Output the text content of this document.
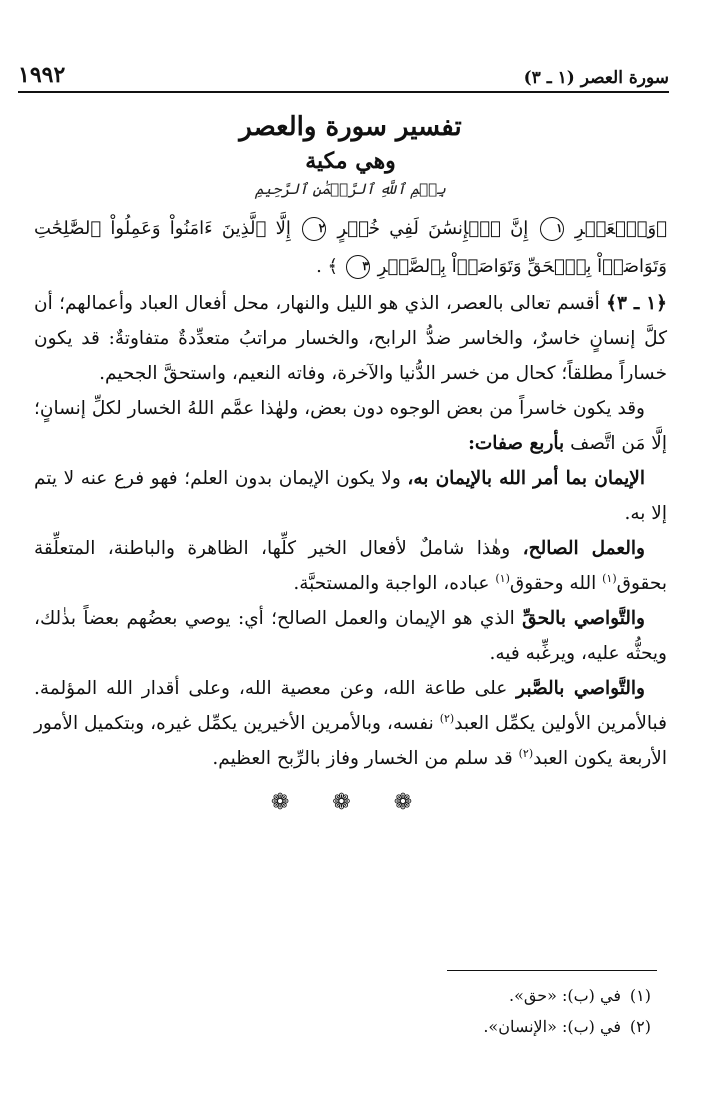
١٩٩٢	سورة العصر (١ ـ ٣)
تفسير سورة والعصر
وهي مكية
بِسۡمِ ٱللَّهِ ٱلرَّحۡمَٰنِ ٱلرَّحِيمِ

﴿وَٱلۡعَصۡرِ ١ إِنَّ ٱلۡإِنسَٰنَ لَفِي خُسۡرٍ ٢ إِلَّا ٱلَّذِينَ ءَامَنُواْ وَعَمِلُواْ ٱلصَّٰلِحَٰتِ وَتَوَاصَوۡاْ بِٱلۡحَقِّ وَتَوَاصَوۡاْ بِٱلصَّبۡرِ ٣ ﴾ .

﴿١ ـ ٣﴾ أقسم تعالى بالعصر، الذي هو الليل والنهار، محل أفعال العباد وأعمالهم؛ أن كلَّ إنسانٍ خاسرٌ، والخاسر ضدُّ الرابح، والخسار مراتبُ متعدِّدةٌ متفاوتةٌ: قد يكون خساراً مطلقاً؛ كحال من خسر الدُّنيا والآخرة، وفاته النعيم، واستحقَّ الجحيم.

وقد يكون خاسراً من بعض الوجوه دون بعض، ولهٰذا عمَّم اللهُ الخسار لكلِّ إنسانٍ؛ إلَّا مَن اتَّصف بأربع صفات:

الإيمان بما أمر الله بالإيمان به، ولا يكون الإيمان بدون العلم؛ فهو فرع عنه لا يتم إلا به.

والعمل الصالح، وهٰذا شاملٌ لأفعال الخير كلِّها، الظاهرة والباطنة، المتعلِّقة بحقوق$^{(١)}$ الله وحقوق$^{(١)}$ عباده، الواجبة والمستحبَّة.

والتَّواصي بالحقِّ الذي هو الإيمان والعمل الصالح؛ أي: يوصي بعضُهم بعضاً بذٰلك، ويحثُّه عليه، ويرغِّبه فيه.

والتَّواصي بالصَّبر على طاعة الله، وعن معصية الله، وعلى أقدار الله المؤلمة. فبالأمرين الأولين يكمِّل العبد$^{(٢)}$ نفسه، وبالأمرين الأخيرين يكمِّل غيره، وبتكميل الأمور الأربعة يكون العبد$^{(٢)}$ قد سلم من الخسار وفاز بالرِّبح العظيم.

❁ ❁ ❁
(١)في (ب): «حق».
(٢)في (ب): «الإنسان».
